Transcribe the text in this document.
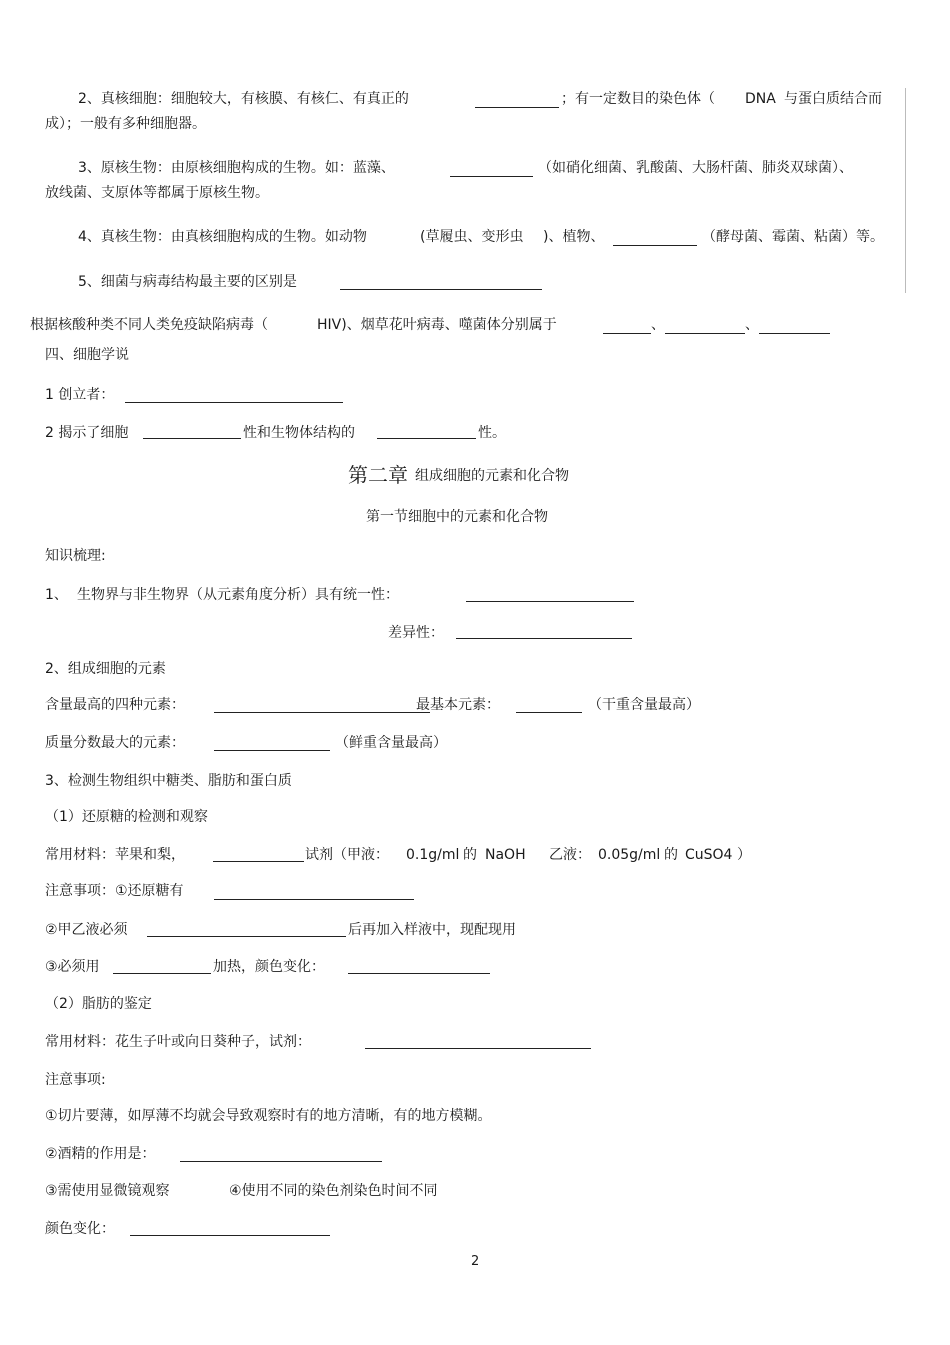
2、真核细胞：细胞较大，有核膜、有核仁、有真正的	；有一定数目的染色体（ DNA 与蛋白质结合而
成）；一般有多种细胞器。
3、原核生物：由原核细胞构成的生物。如：蓝藻、	（如硝化细菌、乳酸菌、大肠杆菌、肺炎双球菌）、
放线菌、支原体等都属于原核生物。
4、真核生物：由真核细胞构成的生物。如动物	(草履虫、变形虫 )、植物、	（酵母菌、霉菌、粘菌）等。
5、细菌与病毒结构最主要的区别是
根据核酸种类不同人类免疫缺陷病毒（	HIV)、烟草花叶病毒、噬菌体分别属于	、	、
四、细胞学说
1 创立者：
2 揭示了细胞	性和生物体结构的	性。
第二章 组成细胞的元素和化合物
第一节细胞中的元素和化合物
知识梳理:
1、 生物界与非生物界（从元素角度分析）具有统一性：
差异性：
2、组成细胞的元素
含量最高的四种元素：	最基本元素：	（干重含量最高）
质量分数最大的元素：	（鲜重含量最高）
3、检测生物组织中糖类、脂肪和蛋白质
（1）还原糖的检测和观察
常用材料：苹果和梨，	试剂（甲液： 0.1g/ml 的 NaOH 乙液： 0.05g/ml 的 CuSO4 ）
注意事项：①还原糖有
②甲乙液必须	后再加入样液中，现配现用
③必须用	加热，颜色变化：
（2）脂肪的鉴定
常用材料：花生子叶或向日葵种子，试剂：
注意事项:
①切片要薄，如厚薄不均就会导致观察时有的地方清晰，有的地方模糊。
②酒精的作用是：
③需使用显微镜观察	④使用不同的染色剂染色时间不同
颜色变化：
2
